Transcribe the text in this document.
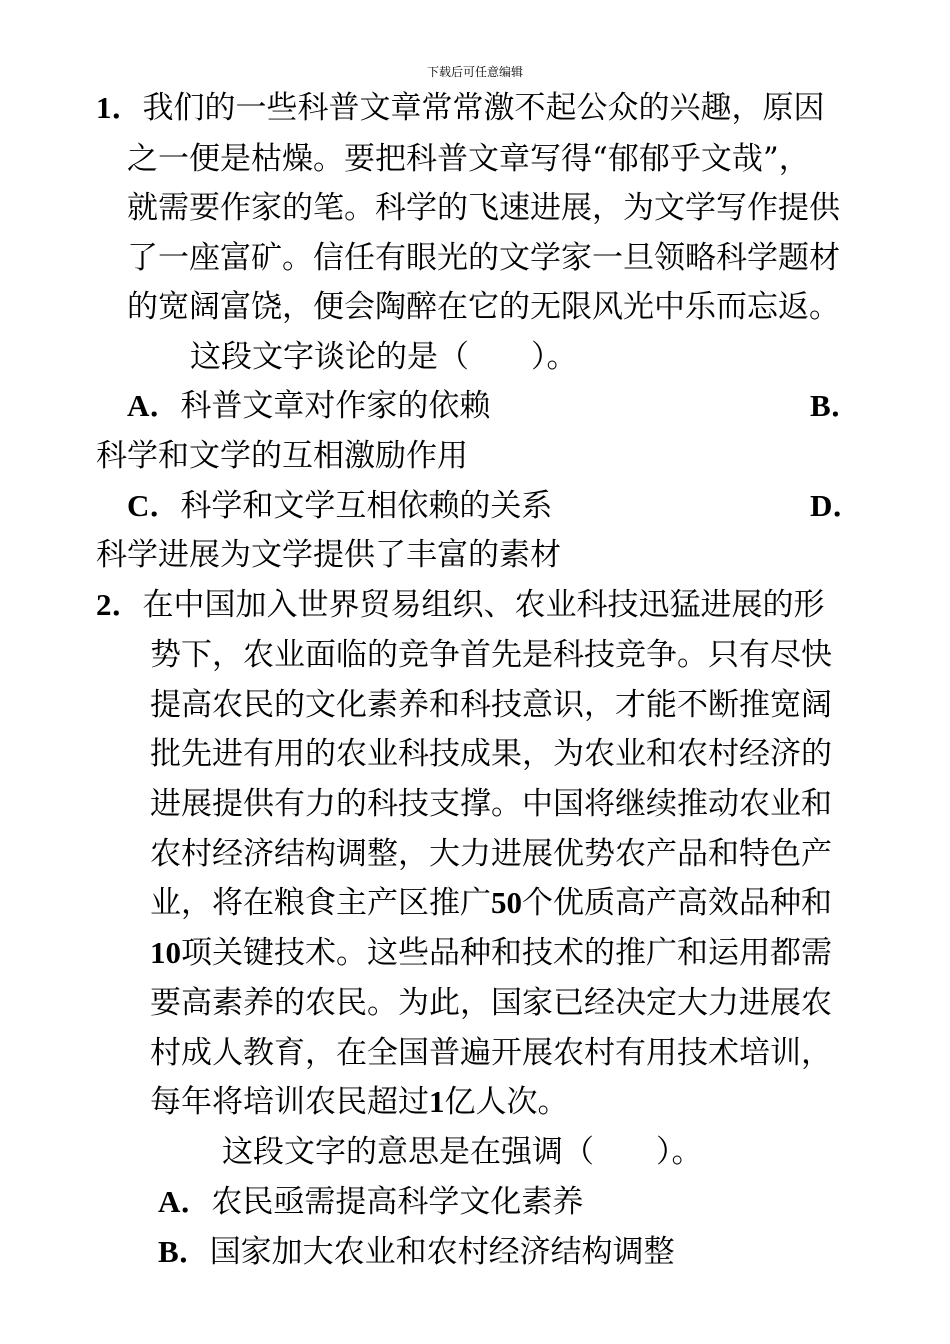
下载后可任意编辑
1．我们的一些科普文章常常激不起公众的兴趣，原因
之一便是枯燥。要把科普文章写得“郁郁乎文哉”，
就需要作家的笔。科学的飞速进展，为文学写作提供
了一座富矿。信任有眼光的文学家一旦领略科学题材
的宽阔富饶，便会陶醉在它的无限风光中乐而忘返。
这段文字谈论的是（　　）。
A．科普文章对作家的依赖	B．
科学和文学的互相激励作用
C．科学和文学互相依赖的关系	D．
科学进展为文学提供了丰富的素材
2．在中国加入世界贸易组织、农业科技迅猛进展的形
势下，农业面临的竞争首先是科技竞争。只有尽快
提高农民的文化素养和科技意识，才能不断推宽阔
批先进有用的农业科技成果，为农业和农村经济的
进展提供有力的科技支撑。中国将继续推动农业和
农村经济结构调整，大力进展优势农产品和特色产
业，将在粮食主产区推广50个优质高产高效品种和
10项关键技术。这些品种和技术的推广和运用都需
要高素养的农民。为此，国家已经决定大力进展农
村成人教育，在全国普遍开展农村有用技术培训，
每年将培训农民超过1亿人次。
这段文字的意思是在强调（　　）。
A．农民亟需提高科学文化素养
B．国家加大农业和农村经济结构调整
